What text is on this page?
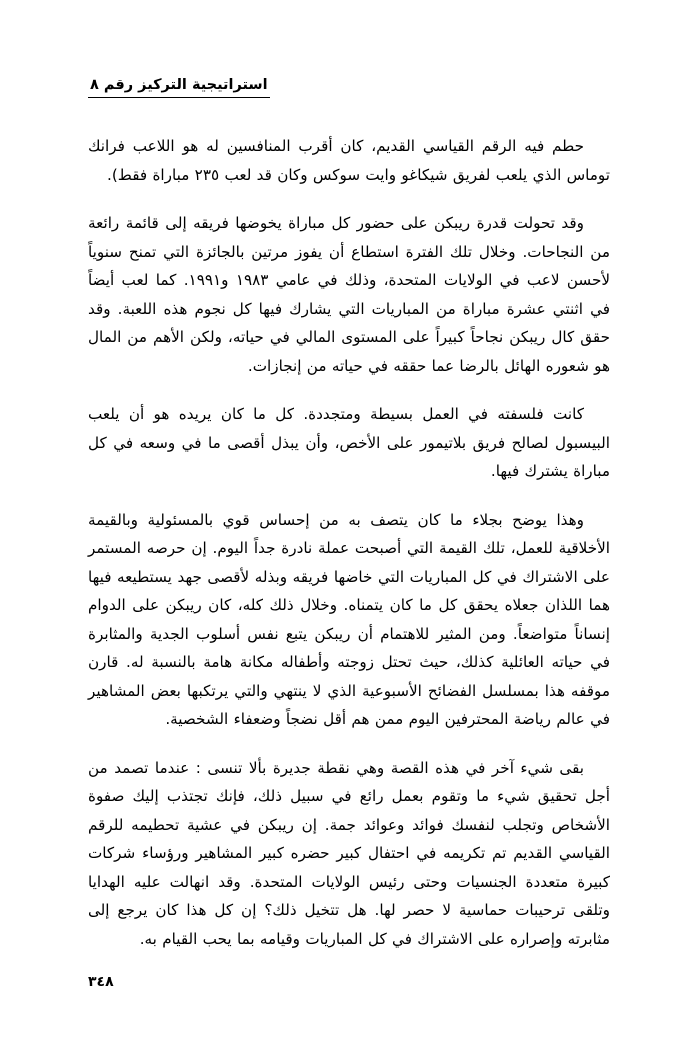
استراتيجية التركيز رقم ٨

حطم فيه الرقم القياسي القديم، كان أقرب المنافسين له هو اللاعب فرانك توماس الذي يلعب لفريق شيكاغو وايت سوكس وكان قد لعب ٢٣٥ مباراة فقط).

وقد تحولت قدرة ريبكن على حضور كل مباراة يخوضها فريقه إلى قائمة رائعة من النجاحات. وخلال تلك الفترة استطاع أن يفوز مرتين بالجائزة التي تمنح سنوياً لأحسن لاعب في الولايات المتحدة، وذلك في عامي ١٩٨٣ و١٩٩١. كما لعب أيضاً في اثنتي عشرة مباراة من المباريات التي يشارك فيها كل نجوم هذه اللعبة. وقد حقق كال ريبكن نجاحاً كبيراً على المستوى المالي في حياته، ولكن الأهم من المال هو شعوره الهائل بالرضا عما حققه في حياته من إنجازات.

كانت فلسفته في العمل بسيطة ومتجددة. كل ما كان يريده هو أن يلعب البيسبول لصالح فريق بلاتيمور على الأخص، وأن يبذل أقصى ما في وسعه في كل مباراة يشترك فيها.

وهذا يوضح بجلاء ما كان يتصف به من إحساس قوي بالمسئولية وبالقيمة الأخلاقية للعمل، تلك القيمة التي أصبحت عملة نادرة جداً اليوم. إن حرصه المستمر على الاشتراك في كل المباريات التي خاضها فريقه وبذله لأقصى جهد يستطيعه فيها هما اللذان جعلاه يحقق كل ما كان يتمناه. وخلال ذلك كله، كان ريبكن على الدوام إنساناً متواضعاً. ومن المثير للاهتمام أن ريبكن يتبع نفس أسلوب الجدية والمثابرة في حياته العائلية كذلك، حيث تحتل زوجته وأطفاله مكانة هامة بالنسبة له. قارن موقفه هذا بمسلسل الفضائح الأسبوعية الذي لا ينتهي والتي يرتكبها بعض المشاهير في عالم رياضة المحترفين اليوم ممن هم أقل نضجاً وضعفاء الشخصية.

بقى شيء آخر في هذه القصة وهي نقطة جديرة بألا تنسى : عندما تصمد من أجل تحقيق شيء ما وتقوم بعمل رائع في سبيل ذلك، فإنك تجتذب إليك صفوة الأشخاص وتجلب لنفسك فوائد وعوائد جمة. إن ريبكن في عشية تحطيمه للرقم القياسي القديم تم تكريمه في احتفال كبير حضره كبير المشاهير ورؤساء شركات كبيرة متعددة الجنسيات وحتى رئيس الولايات المتحدة. وقد انهالت عليه الهدايا وتلقى ترحيبات حماسية لا حصر لها. هل تتخيل ذلك؟ إن كل هذا كان يرجع إلى مثابرته وإصراره على الاشتراك في كل المباريات وقيامه بما يحب القيام به.

٣٤٨
